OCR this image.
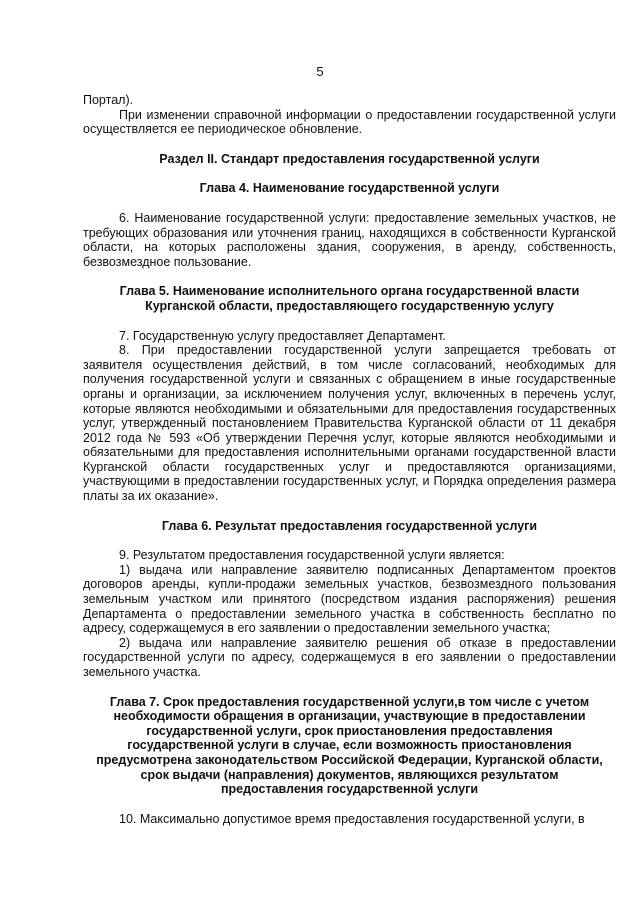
5

Портал).

При изменении справочной информации о предоставлении государственной услуги осуществляется ее периодическое обновление.

Раздел II. Стандарт предоставления государственной услуги

Глава 4. Наименование государственной услуги

6. Наименование государственной услуги: предоставление земельных участков, не требующих образования или уточнения границ, находящихся в собственности Курганской области, на которых расположены здания, сооружения, в аренду, собственность, безвозмездное пользование.

Глава 5. Наименование исполнительного органа государственной власти
Курганской области, предоставляющего государственную услугу

7. Государственную услугу предоставляет Департамент.

8. При предоставлении государственной услуги запрещается требовать от заявителя осуществления действий, в том числе согласований, необходимых для получения государственной услуги и связанных с обращением в иные государственные органы и организации, за исключением получения услуг, включенных в перечень услуг, которые являются необходимыми и обязательными для предоставления государственных услуг, утвержденный постановлением Правительства Курганской области от 11 декабря 2012 года № 593 «Об утверждении Перечня услуг, которые являются необходимыми и обязательными для предоставления исполнительными органами государственной власти Курганской области государственных услуг и предоставляются организациями, участвующими в предоставлении государственных услуг, и Порядка определения размера платы за их оказание».

Глава 6. Результат предоставления государственной услуги

9. Результатом предоставления государственной услуги является:

1) выдача или направление заявителю подписанных Департаментом проектов договоров аренды, купли-продажи земельных участков, безвозмездного пользования земельным участком или принятого (посредством издания распоряжения) решения Департамента о предоставлении земельного участка в собственность бесплатно по адресу, содержащемуся в его заявлении о предоставлении земельного участка;

2) выдача или направление заявителю решения об отказе в предоставлении государственной услуги по адресу, содержащемуся в его заявлении о предоставлении земельного участка.

Глава 7. Срок предоставления государственной услуги,в том числе с учетом
необходимости обращения в организации, участвующие в предоставлении
государственной услуги, срок приостановления предоставления
государственной услуги в случае, если возможность приостановления
предусмотрена законодательством Российской Федерации, Курганской области,
срок выдачи (направления) документов, являющихся результатом
предоставления государственной услуги

10. Максимально допустимое время предоставления государственной услуги, в
